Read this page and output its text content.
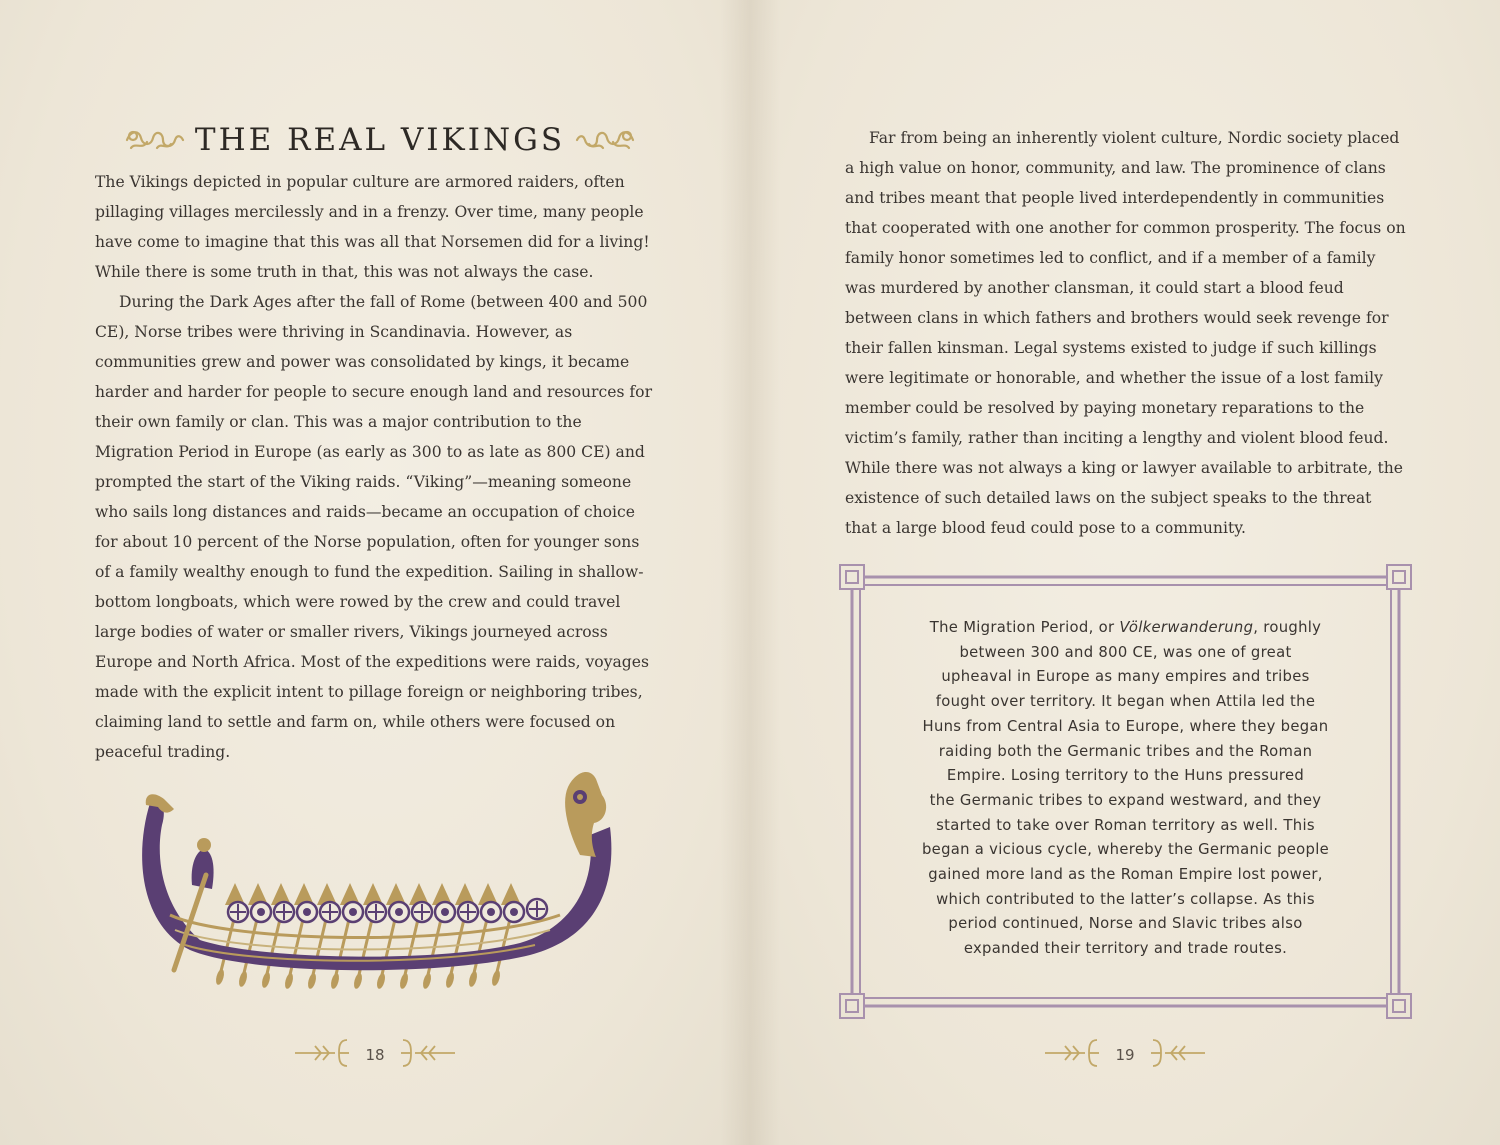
THE REAL VIKINGS

The Vikings depicted in popular culture are armored raiders, often pillaging villages mercilessly and in a frenzy. Over time, many people have come to imagine that this was all that Norsemen did for a living! While there is some truth in that, this was not always the case.

During the Dark Ages after the fall of Rome (between 400 and 500 CE), Norse tribes were thriving in Scandinavia. However, as communities grew and power was consolidated by kings, it became harder and harder for people to secure enough land and resources for their own family or clan. This was a major contribution to the Migration Period in Europe (as early as 300 to as late as 800 CE) and prompted the start of the Viking raids. “Viking”—meaning someone who sails long distances and raids—became an occupation of choice for about 10 percent of the Norse population, often for younger sons of a family wealthy enough to fund the expedition. Sailing in shallow-bottom longboats, which were rowed by the crew and could travel large bodies of water or smaller rivers, Vikings journeyed across Europe and North Africa. Most of the expeditions were raids, voyages made with the explicit intent to pillage foreign or neighboring tribes, claiming land to settle and farm on, while others were focused on peaceful trading.

18

Far from being an inherently violent culture, Nordic society placed a high value on honor, community, and law. The prominence of clans and tribes meant that people lived interdependently in communities that cooperated with one another for common prosperity. The focus on family honor sometimes led to conflict, and if a member of a family was murdered by another clansman, it could start a blood feud between clans in which fathers and brothers would seek revenge for their fallen kinsman. Legal systems existed to judge if such killings were legitimate or honorable, and whether the issue of a lost family member could be resolved by paying monetary reparations to the victim’s family, rather than inciting a lengthy and violent blood feud. While there was not always a king or lawyer available to arbitrate, the existence of such detailed laws on the subject speaks to the threat that a large blood feud could pose to a community.

The Migration Period, or Völkerwanderung, roughly
between 300 and 800 CE, was one of great
upheaval in Europe as many empires and tribes
fought over territory. It began when Attila led the
Huns from Central Asia to Europe, where they began
raiding both the Germanic tribes and the Roman
Empire. Losing territory to the Huns pressured
the Germanic tribes to expand westward, and they
started to take over Roman territory as well. This
began a vicious cycle, whereby the Germanic people
gained more land as the Roman Empire lost power,
which contributed to the latter’s collapse. As this
period continued, Norse and Slavic tribes also
expanded their territory and trade routes.
19
